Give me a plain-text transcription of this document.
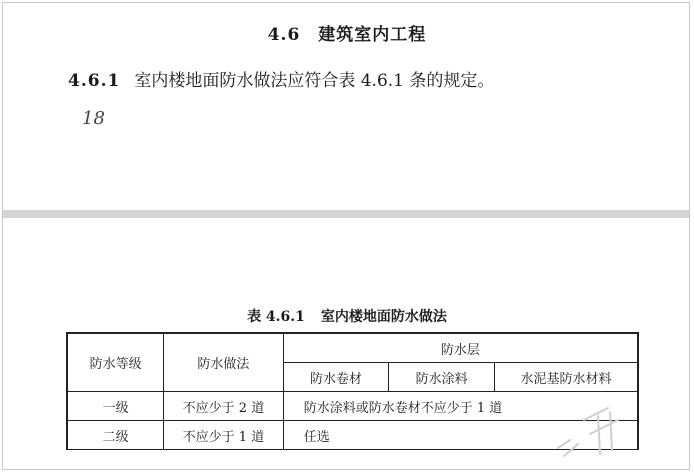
4.6 建筑室内工程
4.6.1 室内楼地面防水做法应符合表 4.6.1 条的规定。
18
表 4.6.1 室内楼地面防水做法
防水等级	防水做法	防水层		
		防水卷材	防水涂料	水泥基防水材料
一级	不应少于 2 道	防水涂料或防水卷材不应少于 1 道		
二级	不应少于 1 道	任选		
